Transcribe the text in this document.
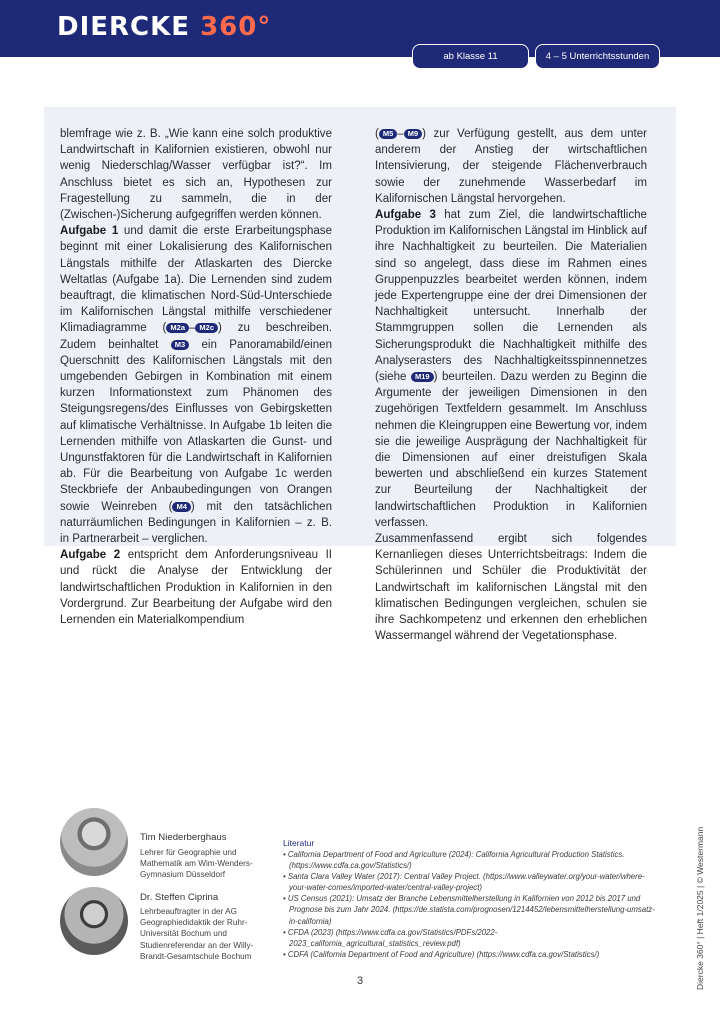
DIERCKE 360°
ab Klasse 11	4 – 5 Unterrichtsstunden

blemfrage wie z. B. „Wie kann eine solch produktive Landwirtschaft in Kalifornien existieren, obwohl nur wenig Niederschlag/Wasser verfügbar ist?“. Im Anschluss bietet es sich an, Hypothesen zur Fragestellung zu sammeln, die in der (Zwischen-)Sicherung aufgegriffen werden können.

Aufgabe 1 und damit die erste Erarbeitungsphase beginnt mit einer Lokalisierung des Kalifornischen Längstals mithilfe der Atlaskarten des Diercke Weltatlas (Aufgabe 1a). Die Lernenden sind zudem beauftragt, die klimatischen Nord-Süd-Unterschiede im Kalifornischen Längstal mithilfe verschiedener Klimadiagramme ( M2a – M2c ) zu beschreiben. Zudem beinhaltet M3 ein Panoramabild/einen Querschnitt des Kalifornischen Längstals mit den umgebenden Gebirgen in Kombination mit einem kurzen Informationstext zum Phänomen des Steigungsregens/des Einflusses von Gebirgsketten auf klimatische Verhältnisse. In Aufgabe 1b leiten die Lernenden mithilfe von Atlaskarten die Gunst- und Ungunstfaktoren für die Landwirtschaft in Kalifornien ab. Für die Bearbeitung von Aufgabe 1c werden Steckbriefe der Anbaubedingungen von Orangen sowie Weinreben ( M4 ) mit den tatsächlichen naturräumlichen Bedingungen in Kalifornien – z. B. in Partnerarbeit – verglichen.

Aufgabe 2 entspricht dem Anforderungsniveau II und rückt die Analyse der Entwicklung der landwirtschaftlichen Produktion in Kalifornien in den Vordergrund. Zur Bearbeitung der Aufgabe wird den Lernenden ein Materialkompendium

( M5 – M9 ) zur Verfügung gestellt, aus dem unter anderem der Anstieg der wirtschaftlichen Intensivierung, der steigende Flächenverbrauch sowie der zunehmende Wasserbedarf im Kalifornischen Längstal hervorgehen.

Aufgabe 3 hat zum Ziel, die landwirtschaftliche Produktion im Kalifornischen Längstal im Hinblick auf ihre Nachhaltigkeit zu beurteilen. Die Materialien sind so angelegt, dass diese im Rahmen eines Gruppenpuzzles bearbeitet werden können, indem jede Expertengruppe eine der drei Dimensionen der Nachhaltigkeit untersucht. Innerhalb der Stammgruppen sollen die Lernenden als Sicherungsprodukt die Nachhaltigkeit mithilfe des Analyserasters des Nachhaltigkeitsspinnennetzes (siehe M19 ) beurteilen. Dazu werden zu Beginn die Argumente der jeweiligen Dimensionen in den zugehörigen Textfeldern gesammelt. Im Anschluss nehmen die Kleingruppen eine Bewertung vor, indem sie die jeweilige Ausprägung der Nachhaltigkeit für die Dimensionen auf einer dreistufigen Skala bewerten und abschließend ein kurzes Statement zur Beurteilung der Nachhaltigkeit der landwirtschaftlichen Produktion in Kalifornien verfassen.

Zusammenfassend ergibt sich folgendes Kernanliegen dieses Unterrichtsbeitrags: Indem die Schülerinnen und Schüler die Produktivität der Landwirtschaft im kalifornischen Längstal mit den klimatischen Bedingungen vergleichen, schulen sie ihre Sachkompetenz und erkennen den erheblichen Wassermangel während der Vegetationsphase.

Tim Niederberghaus
Lehrer für Geographie und Mathematik am Wim-Wenders-Gymnasium Düsseldorf
Dr. Steffen Ciprina
Lehrbeauftragter in der AG Geographiedidaktik der Ruhr-Universität Bochum und Studienreferendar an der Willy-Brandt-Gesamtschule Bochum
Literatur
• California Department of Food and Agriculture (2024): California Agricultural Production Statistics. (https://www.cdfa.ca.gov/Statistics/)
• Santa Clara Valley Water (2017): Central Valley Project. (https://www.valleywater.org/your-water/where-your-water-comes/imported-water/central-valley-project)
• US Census (2021): Umsatz der Branche Lebensmittelherstellung in Kalifornien von 2012 bis 2017 und Prognose bis zum Jahr 2024. (https://de.statista.com/prognosen/1214452/lebensmittelherstellung-umsatz-in-california)
• CFDA (2023) (https://www.cdfa.ca.gov/Statistics/PDFs/2022-2023_california_agricultural_statistics_review.pdf)
• CDFA (California Department of Food and Agriculture) (https://www.cdfa.ca.gov/Statistics/)
3	Diercke 360° | Heft 1/2025 | © Westermann
